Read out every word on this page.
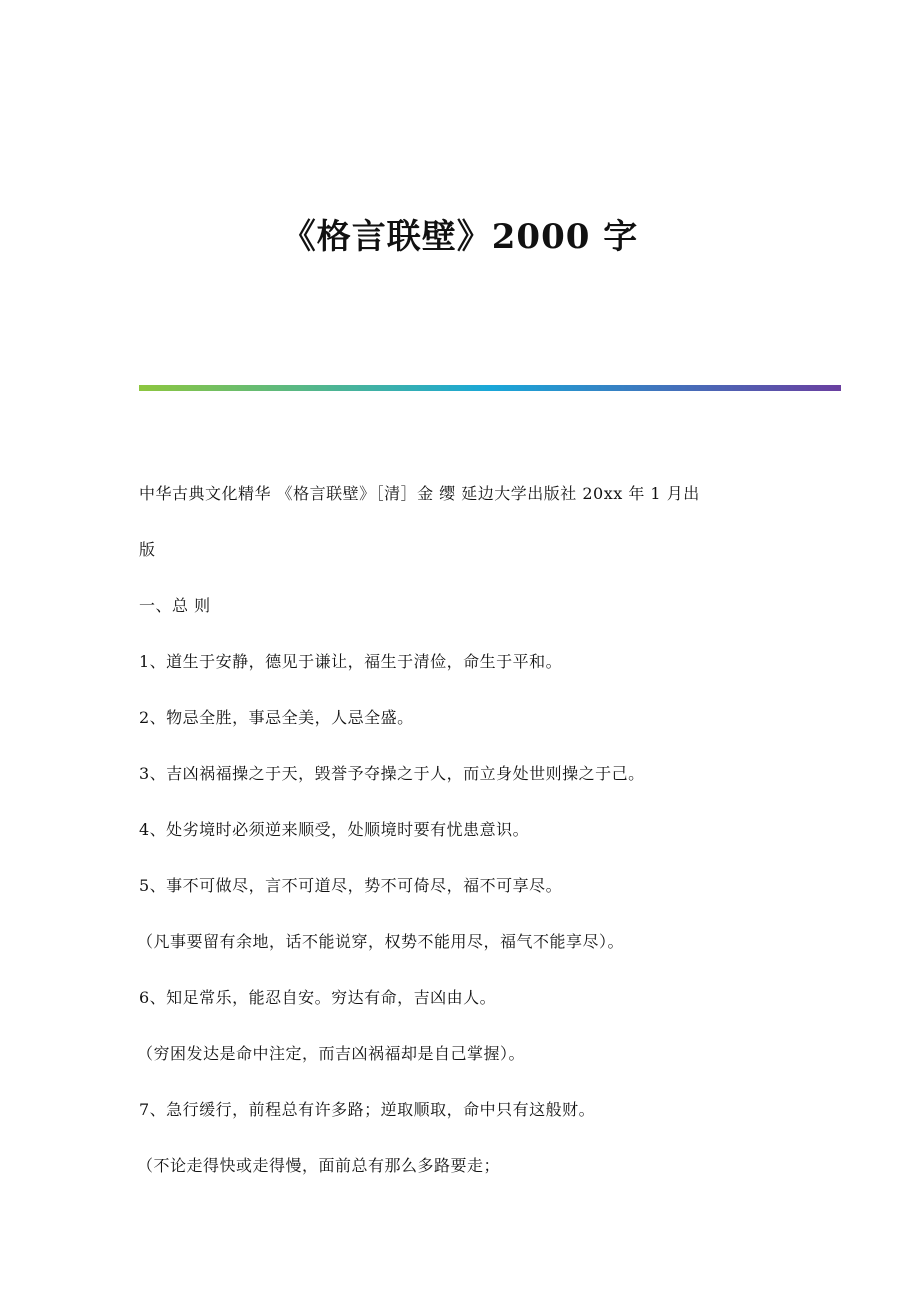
《格言联壁》2000 字

中华古典文化精华 《格言联壁》［清］金 缨 延边大学出版社 20xx 年 1 月出

版

一、总 则

1、道生于安静，德见于谦让，福生于清俭，命生于平和。

2、物忌全胜，事忌全美，人忌全盛。

3、吉凶祸福操之于天，毁誉予夺操之于人，而立身处世则操之于己。

4、处劣境时必须逆来顺受，处顺境时要有忧患意识。

5、事不可做尽，言不可道尽，势不可倚尽，福不可享尽。

（凡事要留有余地，话不能说穿，权势不能用尽，福气不能享尽）。

6、知足常乐，能忍自安。穷达有命，吉凶由人。

（穷困发达是命中注定，而吉凶祸福却是自己掌握）。

7、急行缓行，前程总有许多路；逆取顺取，命中只有这般财。

（不论走得快或走得慢，面前总有那么多路要走；
